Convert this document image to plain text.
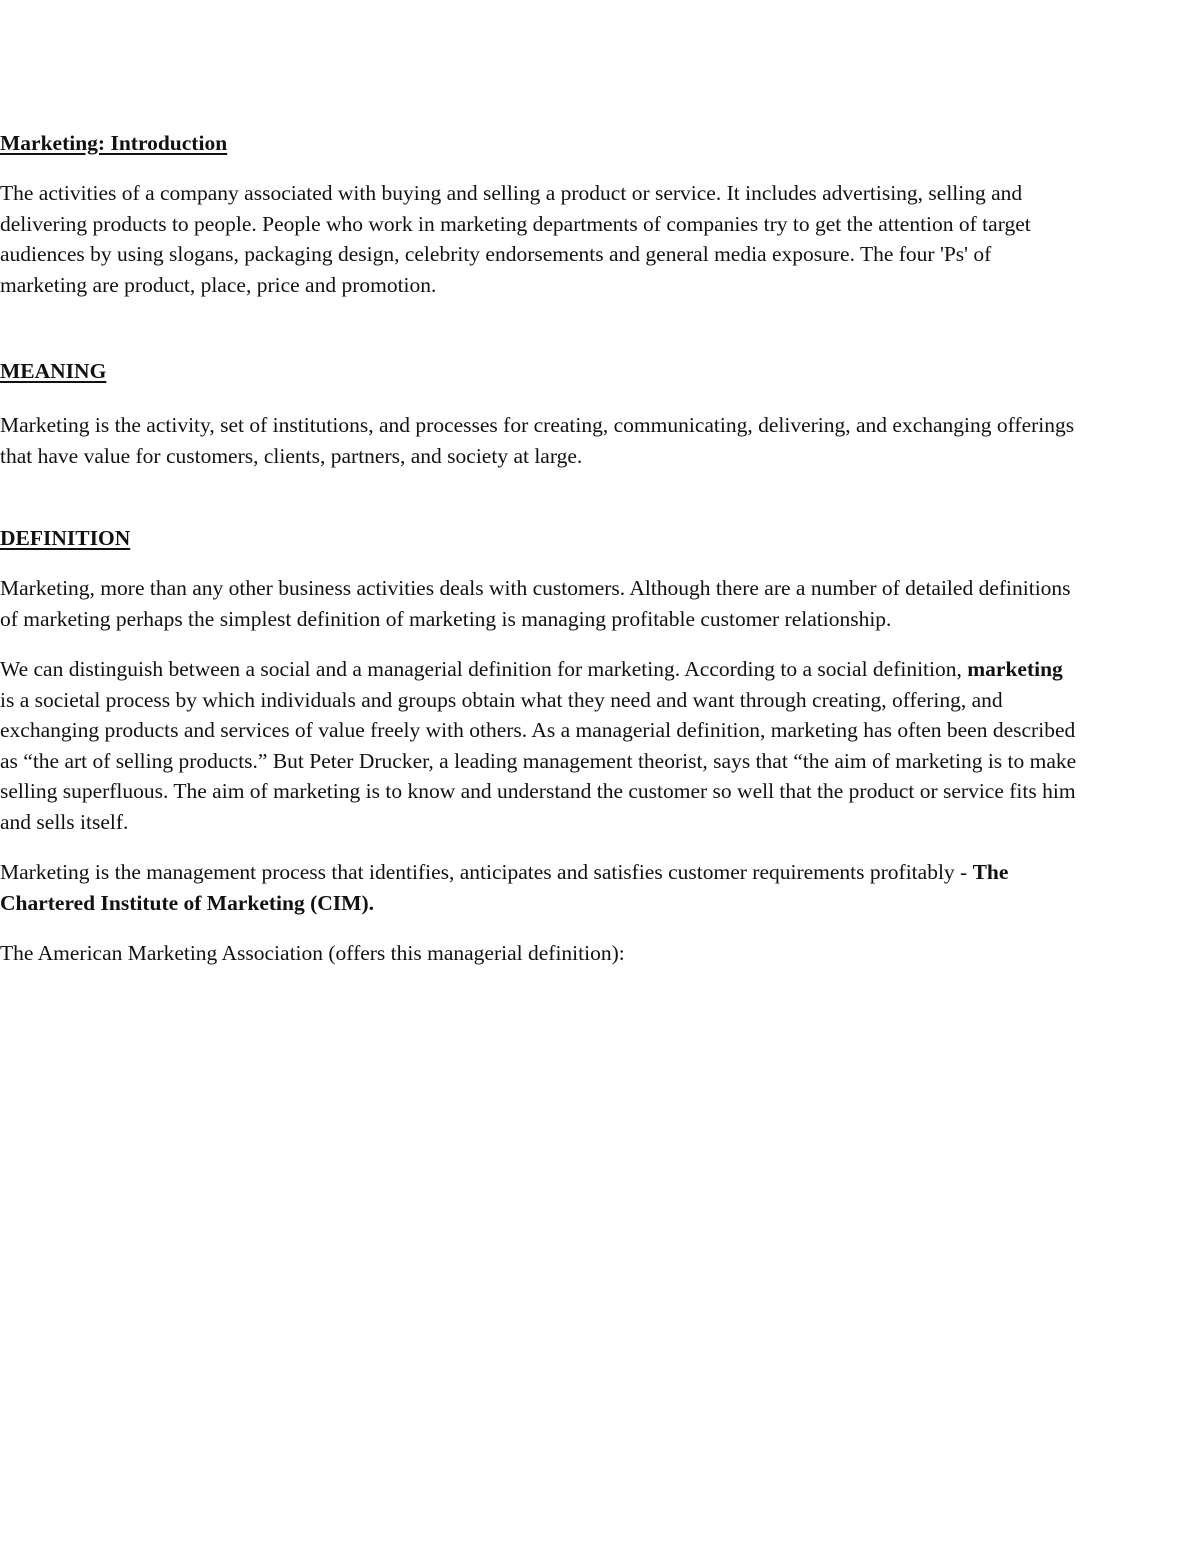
Marketing: Introduction

The activities of a company associated with buying and selling a product or service. It includes advertising, selling and delivering products to people. People who work in marketing departments of companies try to get the attention of target audiences by using slogans, packaging design, celebrity endorsements and general media exposure. The four 'Ps' of marketing are product, place, price and promotion.

MEANING

Marketing is the activity, set of institutions, and processes for creating, communicating, delivering, and exchanging offerings that have value for customers, clients, partners, and society at large.

DEFINITION

Marketing, more than any other business activities deals with customers. Although there are a number of detailed definitions of marketing perhaps the simplest definition of marketing is managing profitable customer relationship.

We can distinguish between a social and a managerial definition for marketing. According to a social definition, marketing is a societal process by which individuals and groups obtain what they need and want through creating, offering, and exchanging products and services of value freely with others. As a managerial definition, marketing has often been described as “the art of selling products.” But Peter Drucker, a leading management theorist, says that “the aim of marketing is to make selling superfluous. The aim of marketing is to know and understand the customer so well that the product or service fits him and sells itself.

Marketing is the management process that identifies, anticipates and satisfies customer requirements profitably - The Chartered Institute of Marketing (CIM).

The American Marketing Association (offers this managerial definition):
